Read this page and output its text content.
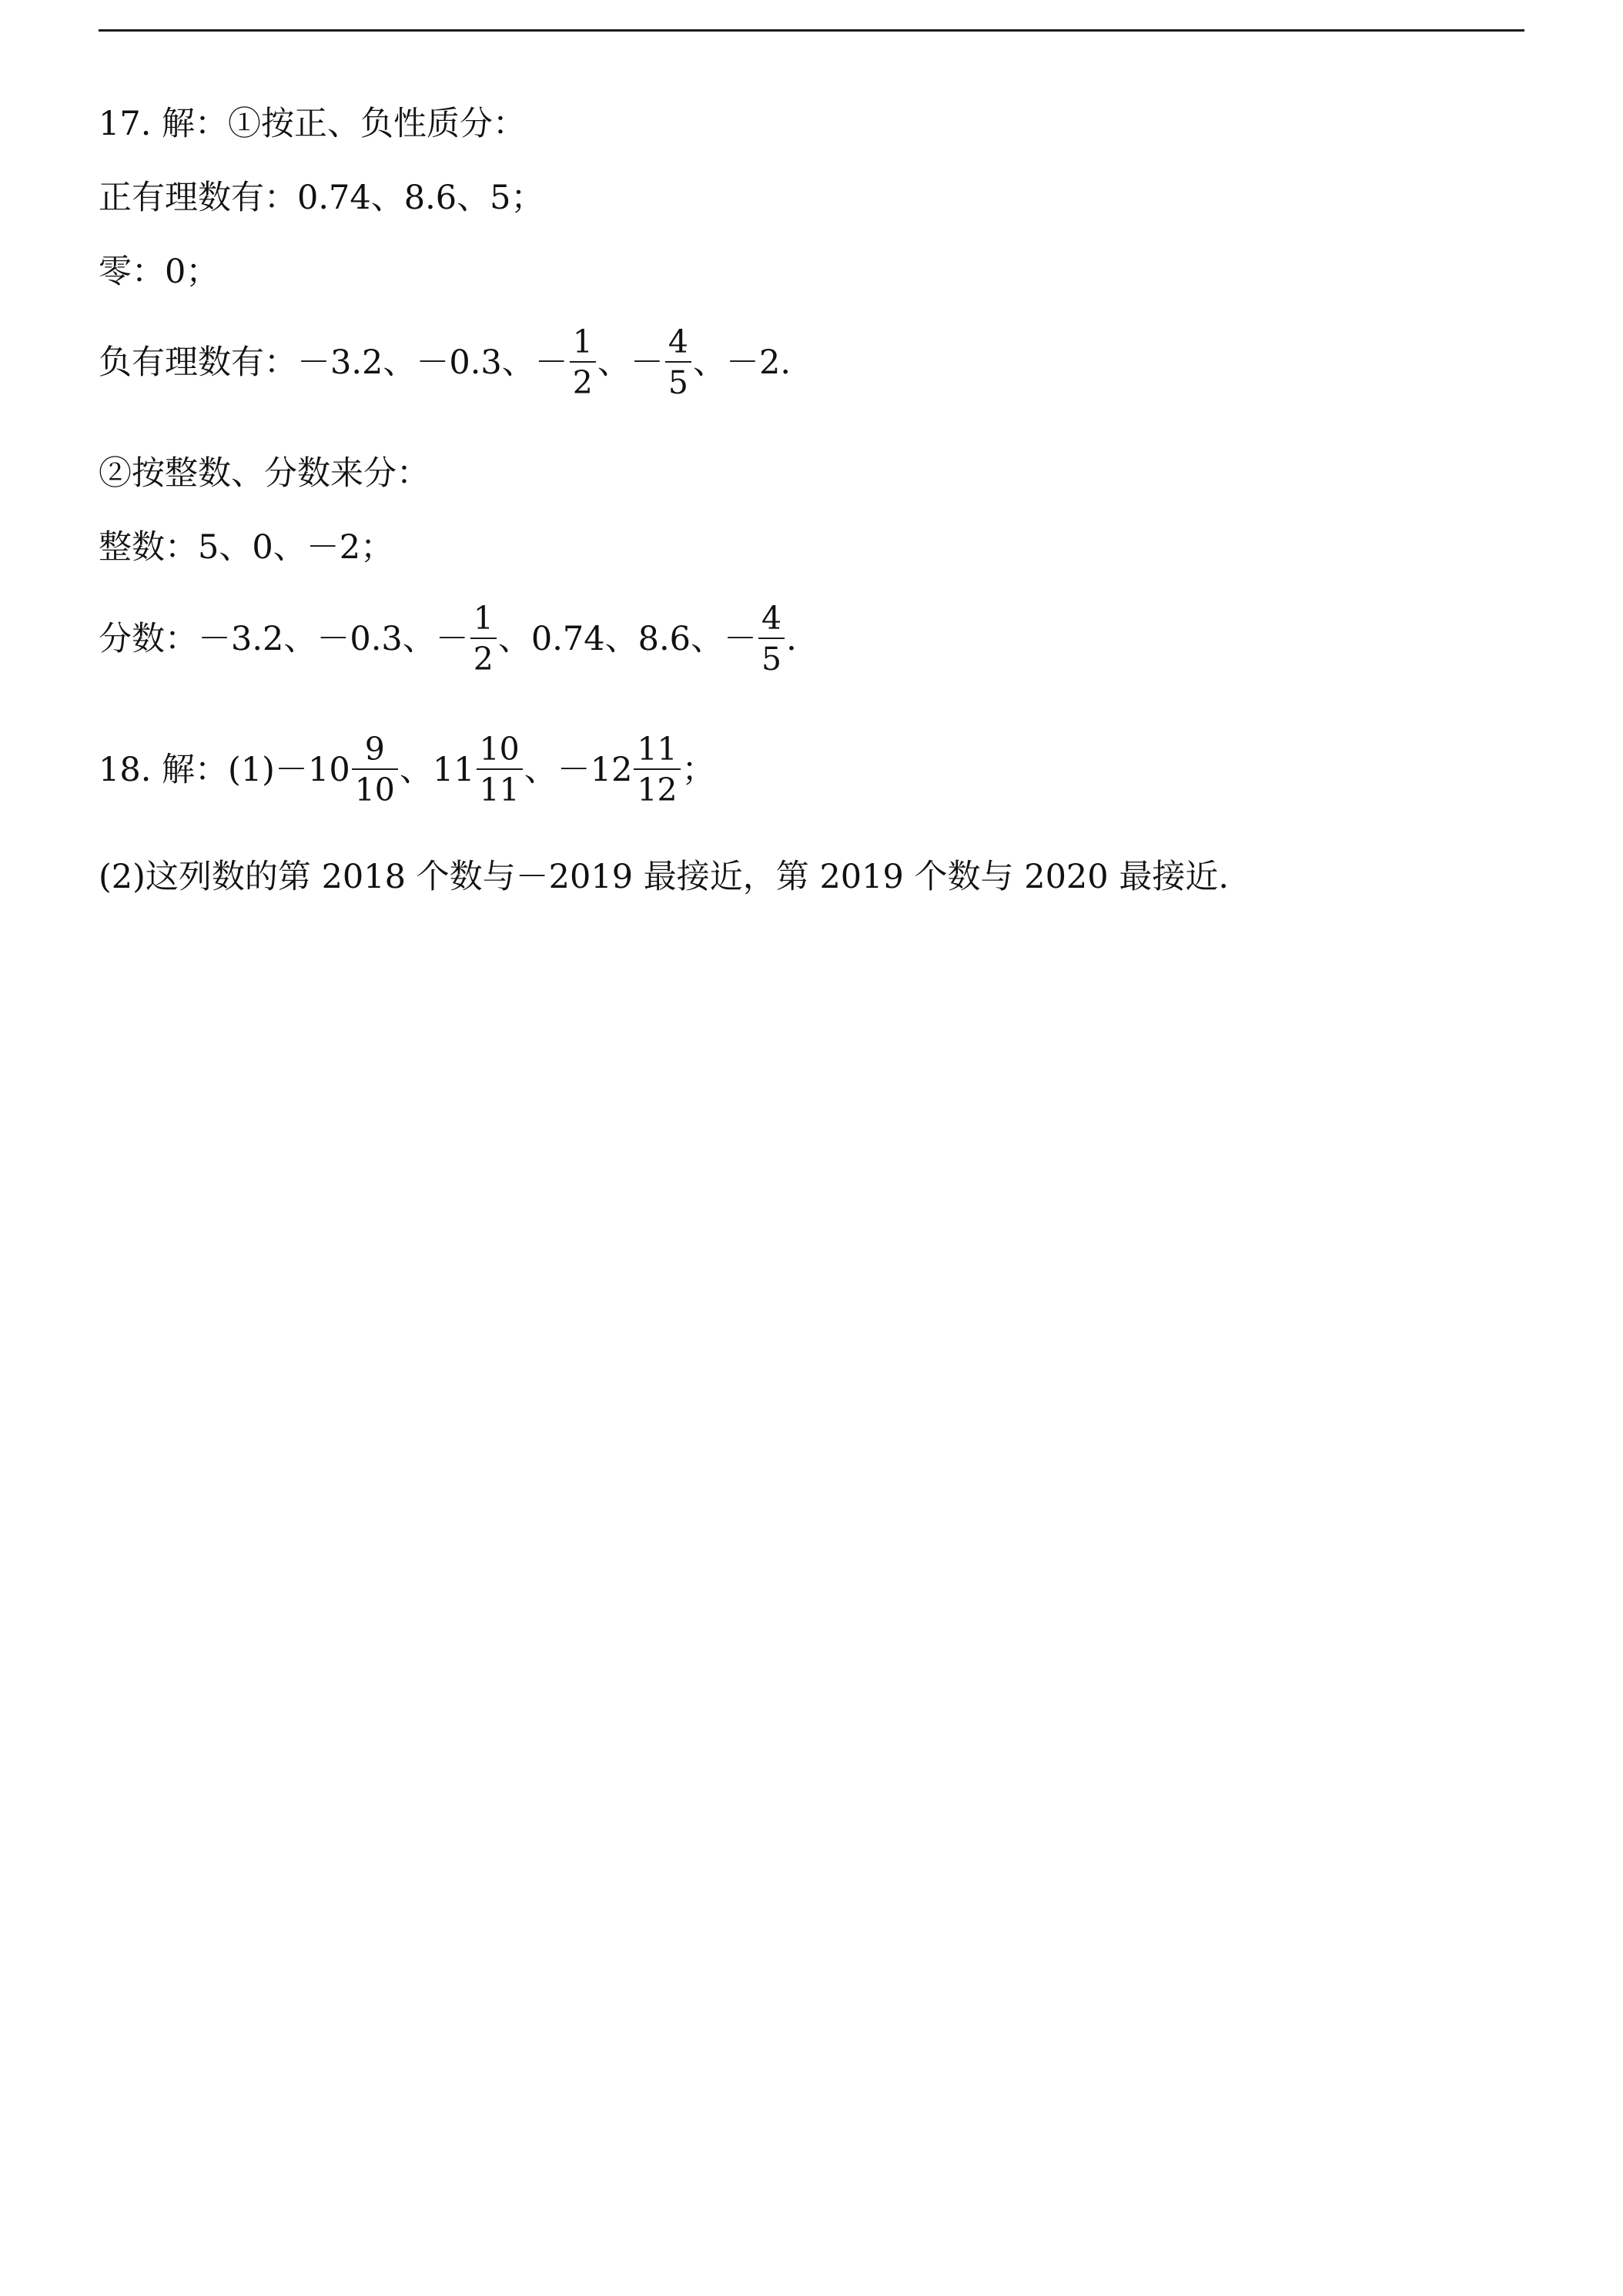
17. 解：①按正、负性质分：
正有理数有：0.74、8.6、5；
零：0；
负有理数有：－3.2、－0.3、－ $\frac{1}{2}$ 、－ $\frac{4}{5}$ 、－2.
②按整数、分数来分：
整数：5、0、－2；
分数：－3.2、－0.3、－ $\frac{1}{2}$ 、0.74、8.6、－ $\frac{4}{5}$ .
18. 解：$(1)-10 \frac{9}{10}$ 、$11 \frac{10}{11}$ 、$-12 \frac{11}{12}$ ；
(2)这列数的第 2018 个数与－2019 最接近，第 2019 个数与 2020 最接近.
